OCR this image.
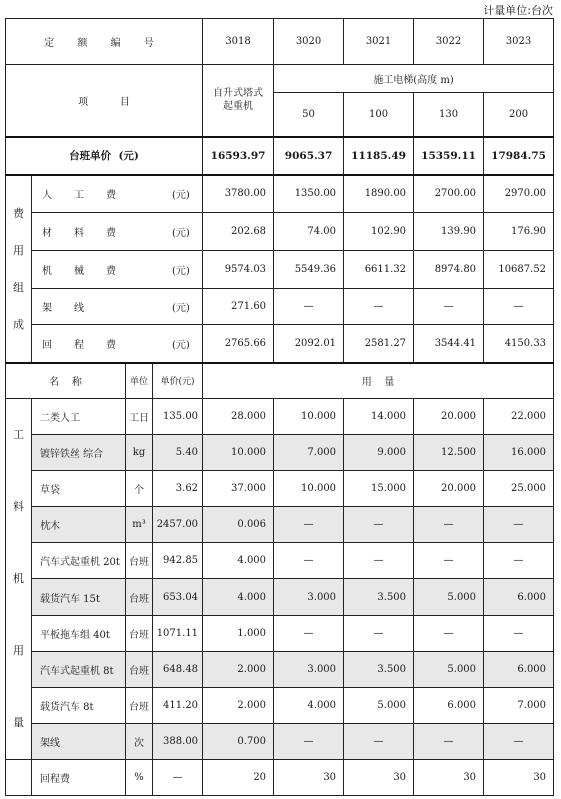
计量单位:台次
定 额 编 号				3018	3020	3021	3022	3023
项          目				自升式塔式起重机	施工电梯(高度 m)			
					50	100	130	200
台班单价  (元)				16593.97	9065.37	11185.49	15359.11	17984.75

费
用
组
成	人工费 (元)			3780.00	1350.00	1890.00	2700.00	2970.00
	材料费 (元)			202.68	74.00	102.90	139.90	176.90
	机械费 (元)			9574.03	5549.36	6611.32	8974.80	10687.52
	架线 (元)			271.60	—	—	—	—
	回程费 (元)			2765.66	2092.01	2581.27	3544.41	4150.33
名    称		单位	单价(元)	用    量				

工
料
机
用
量	二类人工	工日	135.00	28.000	10.000	14.000	20.000	22.000
	镀锌铁丝 综合	kg	5.40	10.000	7.000	9.000	12.500	16.000
	草袋	个	3.62	37.000	10.000	15.000	20.000	25.000
	枕木	m³	2457.00	0.006	—	—	—	—
	汽车式起重机 20t	台班	942.85	4.000	—	—	—	—
	载货汽车 15t	台班	653.04	4.000	3.000	3.500	5.000	6.000
	平板拖车组 40t	台班	1071.11	1.000	—	—	—	—
	汽车式起重机 8t	台班	648.48	2.000	3.000	3.500	5.000	6.000
	载货汽车 8t	台班	411.20	2.000	4.000	5.000	6.000	7.000
	架线	次	388.00	0.700	—	—	—	—
	回程费	%	—	20	30	30	30	30
